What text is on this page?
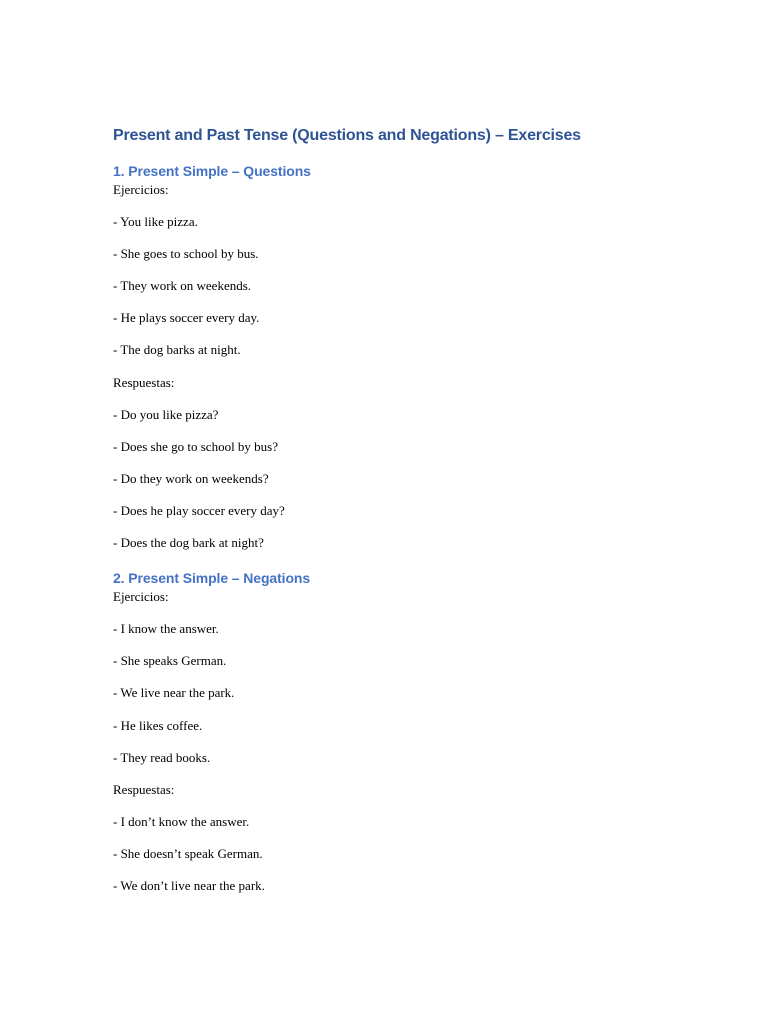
Present and Past Tense (Questions and Negations) – Exercises
1. Present Simple – Questions

Ejercicios:

- You like pizza.

- She goes to school by bus.

- They work on weekends.

- He plays soccer every day.

- The dog barks at night.

Respuestas:

- Do you like pizza?

- Does she go to school by bus?

- Do they work on weekends?

- Does he play soccer every day?

- Does the dog bark at night?

2. Present Simple – Negations

Ejercicios:

- I know the answer.

- She speaks German.

- We live near the park.

- He likes coffee.

- They read books.

Respuestas:

- I don’t know the answer.

- She doesn’t speak German.

- We don’t live near the park.
